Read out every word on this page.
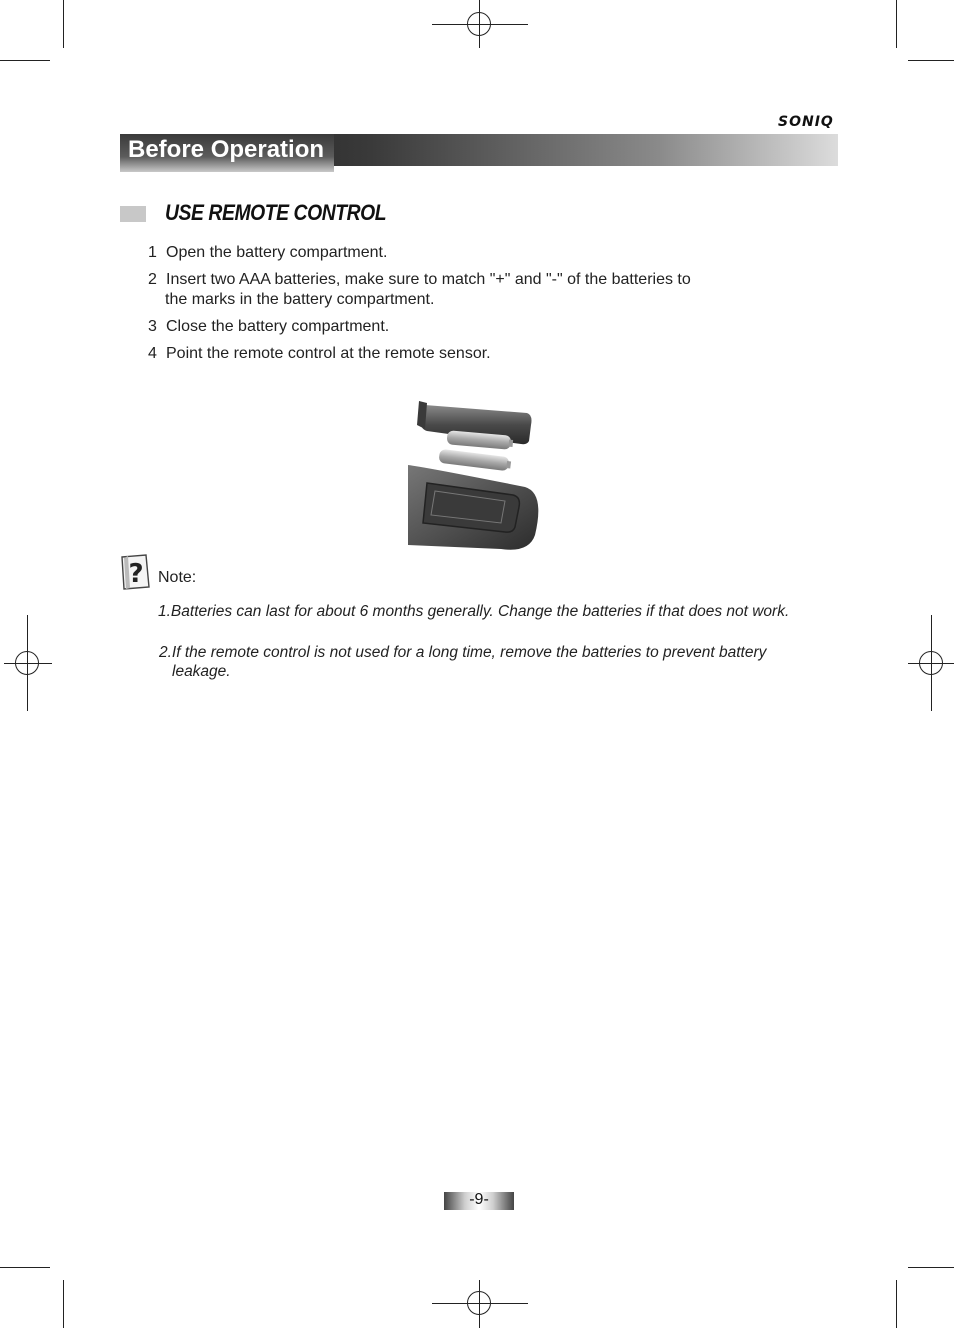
SONIQ
Before Operation
USE REMOTE CONTROL
1 Open the battery compartment.
2 Insert two AAA batteries, make sure to match "+" and "-" of the batteries to
the marks in the battery compartment.
3 Close the battery compartment.
4 Point the remote control at the remote sensor.
? Note:
1.Batteries can last for about 6 months generally. Change the batteries if that does not work.
2.If the remote control is not used for a long time, remove the batteries to prevent battery
leakage.
-9-
